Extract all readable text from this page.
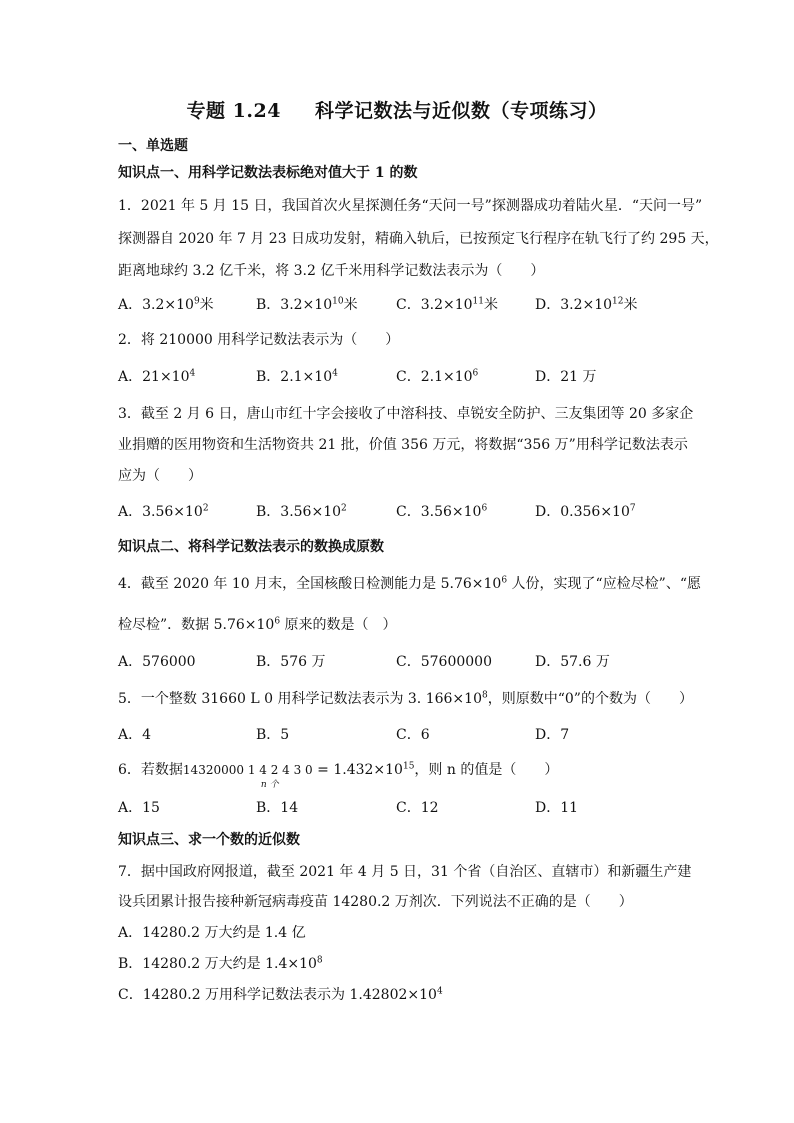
专题 1.24 科学记数法与近似数（专项练习）
一、单选题
知识点一、用科学记数法表标绝对值大于 1 的数
1．2021 年 5 月 15 日，我国首次火星探测任务“天问一号”探测器成功着陆火星．“天问一号”
探测器自 2020 年 7 月 23 日成功发射，精确入轨后，已按预定飞行程序在轨飞行了约 295 天，
距离地球约 3.2 亿千米，将 3.2 亿千米用科学记数法表示为（　　）
A．$3.2\times 10^9$米	B．$3.2\times 10^{10}$米	C．$3.2\times 10^{11}$米	D．$3.2\times 10^{12}$米
2．将 210000 用科学记数法表示为（　　）
A．$21\times 10^4$	B．$2.1\times 10^4$	C．$2.1\times 10^6$	D．21 万
3．截至 2 月 6 日，唐山市红十字会接收了中溶科技、卓锐安全防护、三友集团等 20 多家企
业捐赠的医用物资和生活物资共 21 批，价值 356 万元，将数据“356 万”用科学记数法表示
应为（　　）
A．$3.56\times 10^2$	B．$3.56\times 10^2$	C．$3.56\times 10^6$	D．$0.356\times 10^7$
知识点二、将科学记数法表示的数换成原数
4．截至 2020 年 10 月末，全国核酸日检测能力是 $5.76\times 10^6$ 人份，实现了“应检尽检”、“愿
检尽检”．数据 $5.76\times 10^6$ 原来的数是（　）
A．576000	B．576 万	C．57600000	D．57.6 万
5．一个整数 31660 L 0 用科学记数法表示为 3. $166\times 10^8$，则原数中“0”的个数为（　　）
A．4	B．5	C．6	D．7
6．若数据14320000 1 4 2 4 3 0
n 个
= $1.432\times 10^{15}$，则 n 的值是（　　）
A．15	B．14	C．12	D．11
知识点三、求一个数的近似数
7．据中国政府网报道，截至 2021 年 4 月 5 日，31 个省（自治区、直辖市）和新疆生产建
设兵团累计报告接种新冠病毒疫苗 14280.2 万剂次．下列说法不正确的是（　　）
A．14280.2 万大约是 1.4 亿
B．14280.2 万大约是 $1.4\times 10^8$
C．14280.2 万用科学记数法表示为 $1.42802\times 10^4$
